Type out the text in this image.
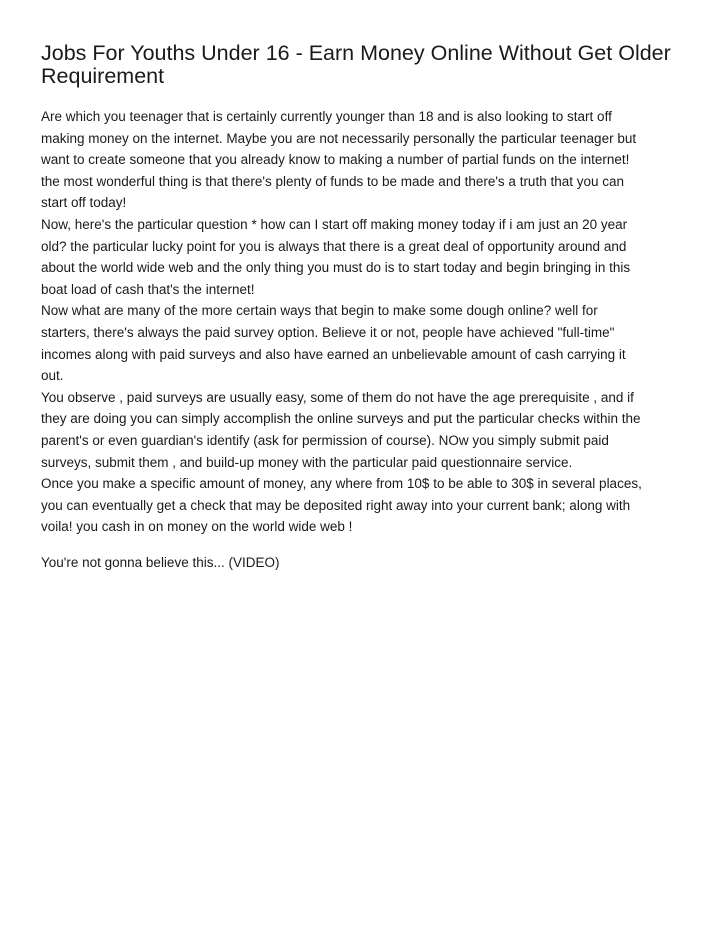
Jobs For Youths Under 16 - Earn Money Online Without Get Older
Requirement

Are which you teenager that is certainly currently younger than 18 and is also looking to start off
making money on the internet. Maybe you are not necessarily personally the particular teenager but
want to create someone that you already know to making a number of partial funds on the internet!
the most wonderful thing is that there's plenty of funds to be made and there's a truth that you can
start off today!

Now, here's the particular question * how can I start off making money today if i am just an 20 year
old? the particular lucky point for you is always that there is a great deal of opportunity around and
about the world wide web and the only thing you must do is to start today and begin bringing in this
boat load of cash that's the internet!

Now what are many of the more certain ways that begin to make some dough online? well for
starters, there's always the paid survey option. Believe it or not, people have achieved "full-time"
incomes along with paid surveys and also have earned an unbelievable amount of cash carrying it
out.

You observe , paid surveys are usually easy, some of them do not have the age prerequisite , and if
they are doing you can simply accomplish the online surveys and put the particular checks within the
parent's or even guardian's identify (ask for permission of course). NOw you simply submit paid
surveys, submit them , and build-up money with the particular paid questionnaire service.

Once you make a specific amount of money, any where from 10$ to be able to 30$ in several places,
you can eventually get a check that may be deposited right away into your current bank; along with
voila! you cash in on money on the world wide web !

You're not gonna believe this... (VIDEO)
